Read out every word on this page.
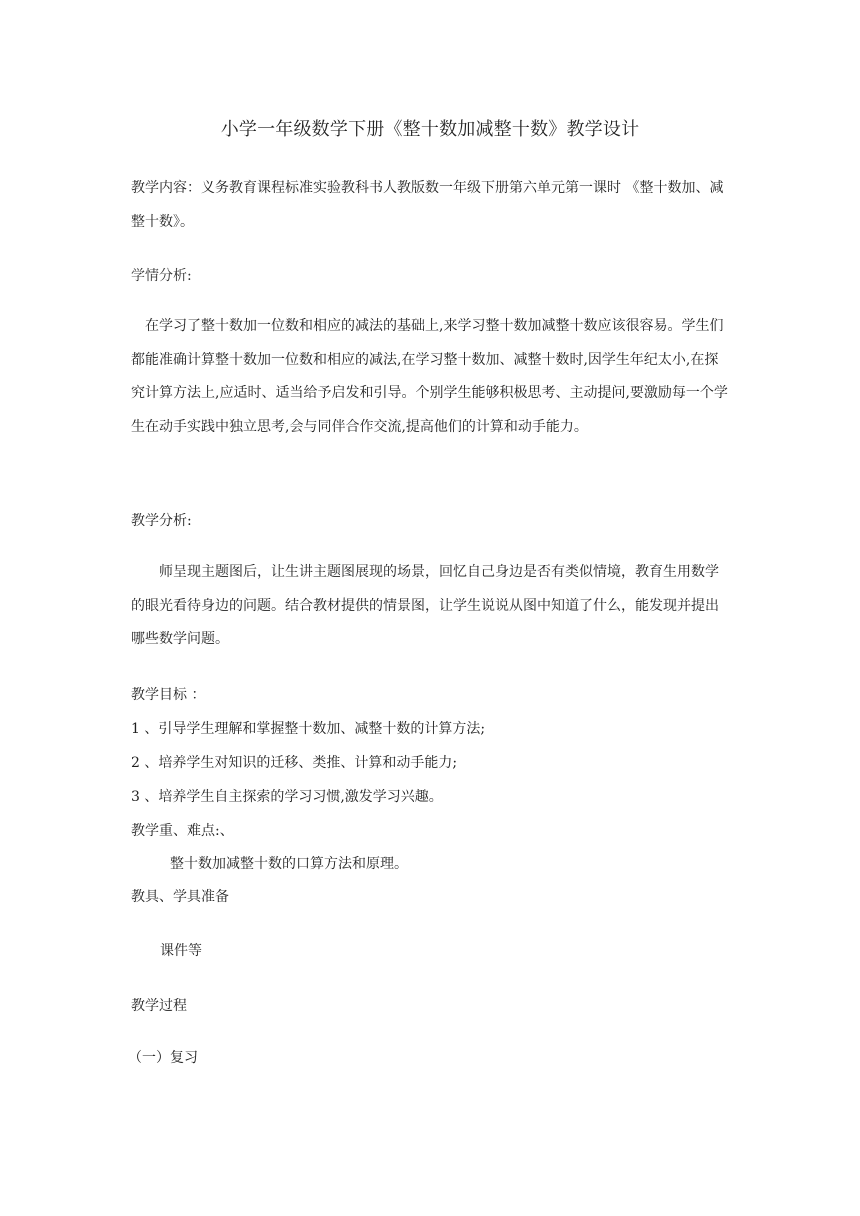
小学一年级数学下册《整十数加减整十数》教学设计
教学内容：义务教育课程标准实验教科书人教版数一年级下册第六单元第一课时 《整十数加、减整十数》。
学情分析:
在学习了整十数加一位数和相应的减法的基础上,来学习整十数加减整十数应该很容易。学生们都能准确计算整十数加一位数和相应的减法,在学习整十数加、减整十数时,因学生年纪太小,在探究计算方法上,应适时、适当给予启发和引导。个别学生能够积极思考、主动提问,要激励每一个学生在动手实践中独立思考,会与同伴合作交流,提高他们的计算和动手能力。
教学分析:
师呈现主题图后，让生讲主题图展现的场景，回忆自己身边是否有类似情境，教育生用数学的眼光看待身边的问题。结合教材提供的情景图，让学生说说从图中知道了什么，能发现并提出哪些数学问题。
教学目标 ：
1 、引导学生理解和掌握整十数加、减整十数的计算方法;
2 、培养学生对知识的迁移、类推、计算和动手能力;
3 、培养学生自主探索的学习习惯,激发学习兴趣。
教学重、难点:、
整十数加减整十数的口算方法和原理。
教具、学具准备
课件等
教学过程
（一）复习
